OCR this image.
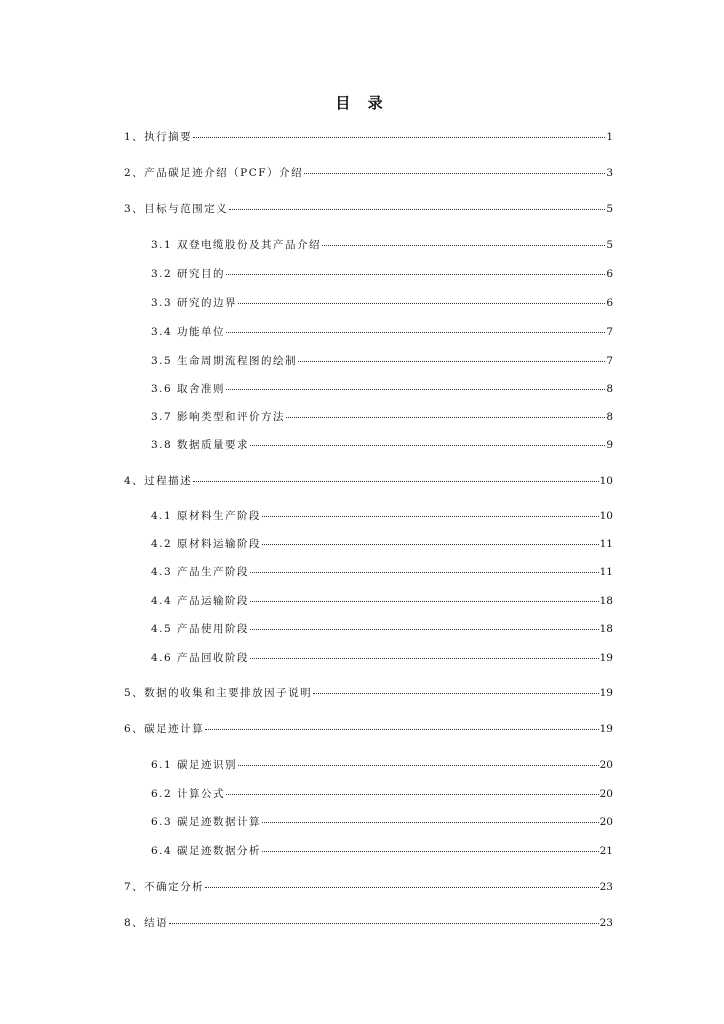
目 录
1、执行摘要	1
2、产品碳足迹介绍（PCF）介绍	3
3、目标与范围定义	5
3.1 双登电缆股份及其产品介绍	5
3.2 研究目的	6
3.3 研究的边界	6
3.4 功能单位	7
3.5 生命周期流程图的绘制	7
3.6 取舍准则	8
3.7 影响类型和评价方法	8
3.8 数据质量要求	9
4、过程描述	10
4.1 原材料生产阶段	10
4.2 原材料运输阶段	11
4.3 产品生产阶段	11
4.4 产品运输阶段	18
4.5 产品使用阶段	18
4.6 产品回收阶段	19
5、数据的收集和主要排放因子说明	19
6、碳足迹计算	19
6.1 碳足迹识别	20
6.2 计算公式	20
6.3 碳足迹数据计算	20
6.4 碳足迹数据分析	21
7、不确定分析	23
8、结语	23
